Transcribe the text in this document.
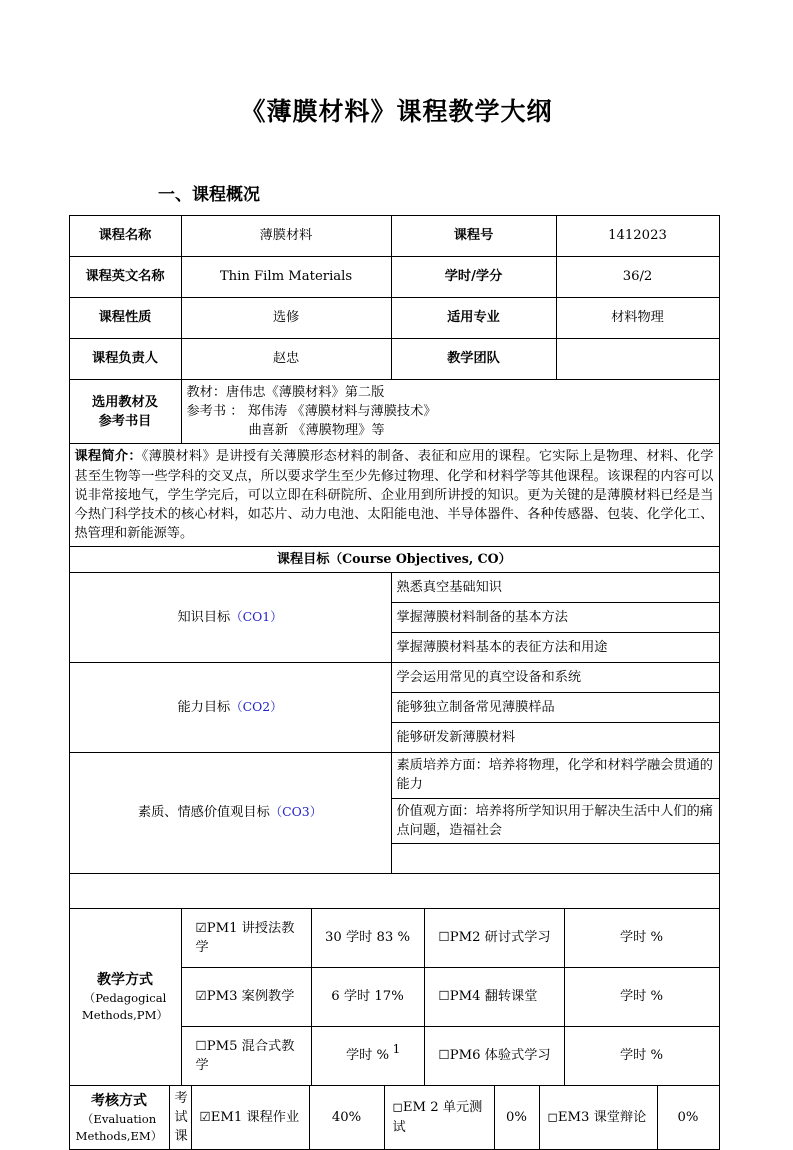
《薄膜材料》课程教学大纲
一、课程概况
课程名称	薄膜材料	课程号	1412023
课程英文名称	Thin Film Materials	学时/学分	36/2
课程性质	选修	适用专业	材料物理
课程负责人	赵忠	教学团队	

选用教材及
参考书目

教材：唐伟忠《薄膜材料》第二版
参考书 ： 郑伟涛 《薄膜材料与薄膜技术》
曲喜新 《薄膜物理》等

课程简介：《薄膜材料》是讲授有关薄膜形态材料的制备、表征和应用的课程。它实际上是物理、材料、化学甚至生物等一些学科的交叉点，所以要求学生至少先修过物理、化学和材料学等其他课程。该课程的内容可以说非常接地气，学生学完后，可以立即在科研院所、企业用到所讲授的知识。更为关键的是薄膜材料已经是当今热门科学技术的核心材料，如芯片、动力电池、太阳能电池、半导体器件、各种传感器、包装、化学化工、热管理和新能源等。			
课程目标（Course Objectives, CO）			
知识目标（CO1）		熟悉真空基础知识	
		掌握薄膜材料制备的基本方法	
		掌握薄膜材料基本的表征方法和用途	
能力目标（CO2）		学会运用常见的真空设备和系统	
		能够独立制备常见薄膜样品	
		能够研发新薄膜材料	
素质、情感价值观目标（CO3）		素质培养方面：培养将物理，化学和材料学融会贯通的能力	
		价值观方面：培养将所学知识用于解决生活中人们的痛点问题，造福社会	

教学方式
（Pedagogical
Methods,PM）	☑PM1 讲授法教学	30 学时 83 %	☐PM2 研讨式学习	学时 %
	☑PM3 案例教学	6 学时 17%	☐PM4 翻转课堂	学时 %
	☐PM5 混合式教学	学时 %	☐PM6 体验式学习	学时 %
考核方式
（Evaluation
Methods,EM）

考
试
课
	☑EM1 课程作业	40%	◻EM 2 单元测试	0%	◻EM3 课堂辩论	0%
1
